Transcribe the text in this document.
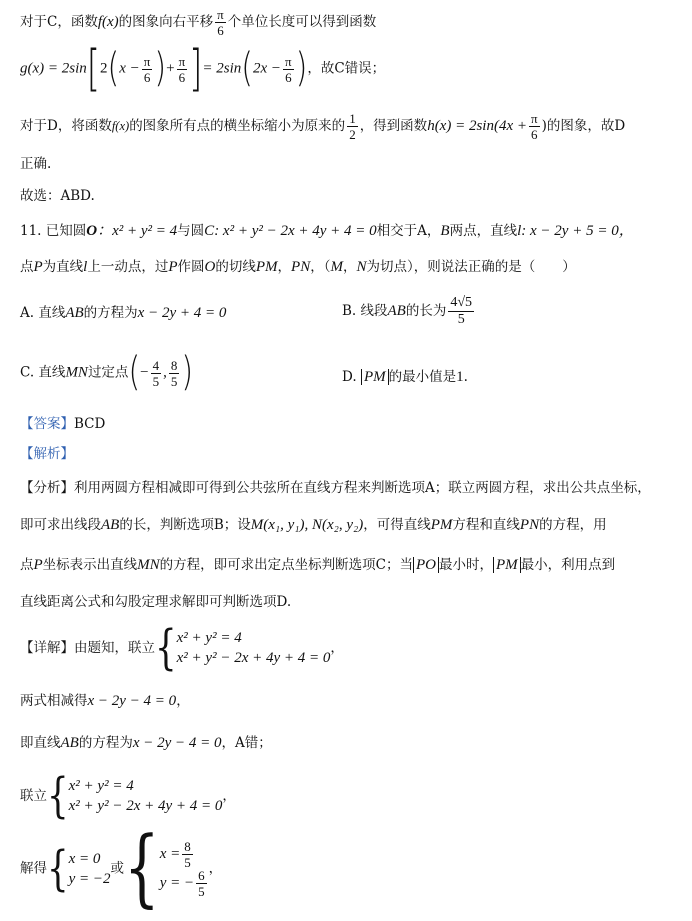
对于C，函数f(x)的图象向右平移 $\frac{\pi}{6}$ 个单位长度可以得到函数
$g(x) = 2\sin[2(x - \frac{\pi}{6}$ )+ $\frac{\pi}{6}$ ]= $2\sin(2x - \frac{\pi}{6}$ )，故C错误；
对于D，将函数f(x)的图象所有点的横坐标缩小为原来的 $\frac{1}{2}$ ，得到函数$h(x) = 2\sin(4x + \frac{\pi}{6}$ )的图象，故D
正确.
故选：ABD.
11. 已知圆O：x² + y² = 4与圆C: x² + y² − 2x + 4y + 4 = 0相交于A，B两点，直线l: x − 2y + 5 = 0，
点P为直线l上一动点，过P作圆O的切线PM，PN，（M，N为切点），则说法正确的是（　　）
A. 直线AB的方程为x − 2y + 4 = 0	B. 线段AB的长为 $\frac{4√5}{5}$
C. 直线MN过定点(− $\frac{4}{5}$ , $\frac{8}{5}$ )	D. PM 的最小值是1.
【答案】BCD
【解析】
【分析】利用两圆方程相减即可得到公共弦所在直线方程来判断选项A；联立两圆方程，求出公共点坐标，
即可求出线段AB的长，判断选项B；设M(x₁, y₁), N(x₂, y₂)，可得直线PM方程和直线PN的方程，用
点P坐标表示出直线MN的方程，即可求出定点坐标判断选项C；当 PO 最小时， PM 最小，利用点到
直线距离公式和勾股定理求解即可判断选项D.
【详解】由题知，联立{ x² + y² = 4
x² + y² − 2x + 4y + 4 = 0
，
两式相减得x − 2y − 4 = 0，
即直线AB的方程为x − 2y − 4 = 0，A错；
联立{ x² + y² = 4
x² + y² − 2x + 4y + 4 = 0
，
解得{ x = 0
y = −2
或{ $x = \frac{8}{5}$
y = − $\frac{6}{5}$
，
